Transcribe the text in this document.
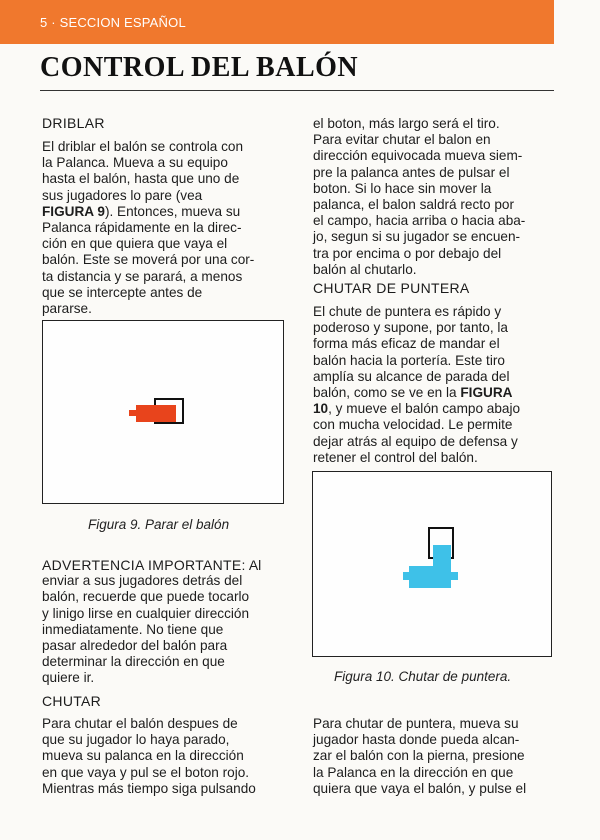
5 · SECCION ESPAÑOL
CONTROL DEL BALÓN
DRIBLAR
El driblar el balón se controla con
la Palanca. Mueva a su equipo
hasta el balón, hasta que uno de
sus jugadores lo pare (vea
FIGURA 9). Entonces, mueva su
Palanca rápidamente en la direc-
ción en que quiera que vaya el
balón. Este se moverá por una cor-
ta distancia y se parará, a menos
que se intercepte antes de
pararse.

Figura 9. Parar el balón

ADVERTENCIA IMPORTANTE: Al
enviar a sus jugadores detrás del
balón, recuerde que puede tocarlo
y linigo lirse en cualquier dirección
inmediatamente. No tiene que
pasar alrededor del balón para
determinar la dirección en que
quiere ir.
CHUTAR
Para chutar el balón despues de
que su jugador lo haya parado,
mueva su palanca en la dirección
en que vaya y pul se el boton rojo.
Mientras más tiempo siga pulsando
el boton, más largo será el tiro.
Para evitar chutar el balon en
dirección equivocada mueva siem-
pre la palanca antes de pulsar el
boton. Si lo hace sin mover la
palanca, el balon saldrá recto por
el campo, hacia arriba o hacia aba-
jo, segun si su jugador se encuen-
tra por encima o por debajo del
balón al chutarlo.
CHUTAR DE PUNTERA
El chute de puntera es rápido y
poderoso y supone, por tanto, la
forma más eficaz de mandar el
balón hacia la portería. Este tiro
amplía su alcance de parada del
balón, como se ve en la FIGURA
10, y mueve el balón campo abajo
con mucha velocidad. Le permite
dejar atrás al equipo de defensa y
retener el control del balón.

Figura 10. Chutar de puntera.

Para chutar de puntera, mueva su
jugador hasta donde pueda alcan-
zar el balón con la pierna, presione
la Palanca en la dirección en que
quiera que vaya el balón, y pulse el
